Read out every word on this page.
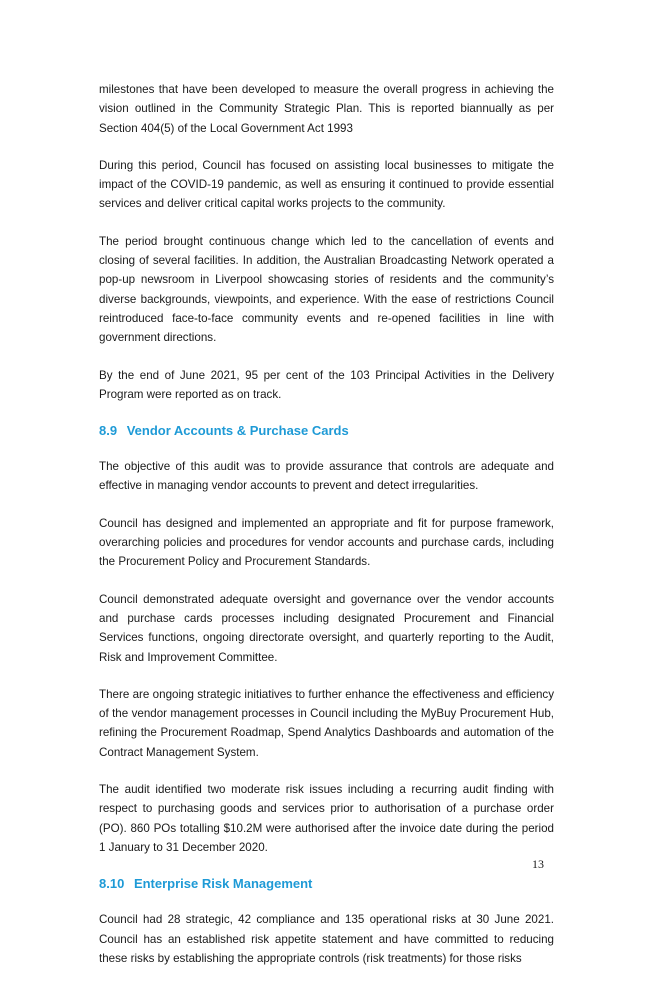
milestones that have been developed to measure the overall progress in achieving the vision outlined in the Community Strategic Plan. This is reported biannually as per Section 404(5) of the Local Government Act 1993

During this period, Council has focused on assisting local businesses to mitigate the impact of the COVID-19 pandemic, as well as ensuring it continued to provide essential services and deliver critical capital works projects to the community.

The period brought continuous change which led to the cancellation of events and closing of several facilities. In addition, the Australian Broadcasting Network operated a pop-up newsroom in Liverpool showcasing stories of residents and the community’s diverse backgrounds, viewpoints, and experience. With the ease of restrictions Council reintroduced face-to-face community events and re-opened facilities in line with government directions.

By the end of June 2021, 95 per cent of the 103 Principal Activities in the Delivery Program were reported as on track.

8.9 Vendor Accounts & Purchase Cards

The objective of this audit was to provide assurance that controls are adequate and effective in managing vendor accounts to prevent and detect irregularities.

Council has designed and implemented an appropriate and fit for purpose framework, overarching policies and procedures for vendor accounts and purchase cards, including the Procurement Policy and Procurement Standards.

Council demonstrated adequate oversight and governance over the vendor accounts and purchase cards processes including designated Procurement and Financial Services functions, ongoing directorate oversight, and quarterly reporting to the Audit, Risk and Improvement Committee.

There are ongoing strategic initiatives to further enhance the effectiveness and efficiency of the vendor management processes in Council including the MyBuy Procurement Hub, refining the Procurement Roadmap, Spend Analytics Dashboards and automation of the Contract Management System.

The audit identified two moderate risk issues including a recurring audit finding with respect to purchasing goods and services prior to authorisation of a purchase order (PO). 860 POs totalling $10.2M were authorised after the invoice date during the period 1 January to 31 December 2020.

8.10 Enterprise Risk Management

Council had 28 strategic, 42 compliance and 135 operational risks at 30 June 2021. Council has an established risk appetite statement and have committed to reducing these risks by establishing the appropriate controls (risk treatments) for those risks

13
